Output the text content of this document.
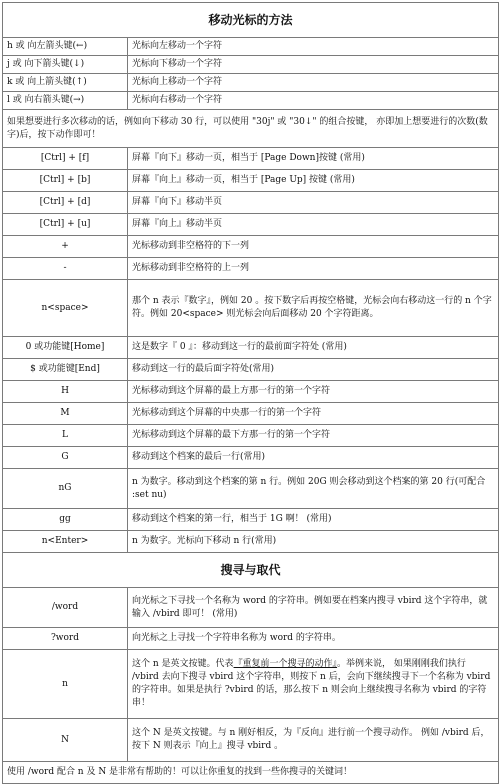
移动光标的方法	
h 或 向左箭头键(←)	光标向左移动一个字符
j 或 向下箭头键(↓)	光标向下移动一个字符
k 或 向上箭头键(↑)	光标向上移动一个字符
l 或 向右箭头键(→)	光标向右移动一个字符
如果想要进行多次移动的话，例如向下移动 30 行，可以使用 "30j" 或 "30↓" 的组合按键， 亦即加上想要进行的次数(数字)后，按下动作即可！	
[Ctrl] + [f]	屏幕『向下』移动一页，相当于 [Page Down]按键 (常用)
[Ctrl] + [b]	屏幕『向上』移动一页，相当于 [Page Up] 按键 (常用)
[Ctrl] + [d]	屏幕『向下』移动半页
[Ctrl] + [u]	屏幕『向上』移动半页
+	光标移动到非空格符的下一列
-	光标移动到非空格符的上一列
n<space>	那个 n 表示『数字』，例如 20 。按下数字后再按空格键，光标会向右移动这一行的 n 个字符。例如 20<space> 则光标会向后面移动 20 个字符距离。
0 或功能键[Home]	这是数字『 0 』：移动到这一行的最前面字符处 (常用)
$ 或功能键[End]	移动到这一行的最后面字符处(常用)
H	光标移动到这个屏幕的最上方那一行的第一个字符
M	光标移动到这个屏幕的中央那一行的第一个字符
L	光标移动到这个屏幕的最下方那一行的第一个字符
G	移动到这个档案的最后一行(常用)
nG	n 为数字。移动到这个档案的第 n 行。例如 20G 则会移动到这个档案的第 20 行(可配合 :set nu)
gg	移动到这个档案的第一行，相当于 1G 啊！ (常用)
n<Enter>	n 为数字。光标向下移动 n 行(常用)
搜寻与取代	
/word	向光标之下寻找一个名称为 word 的字符串。例如要在档案内搜寻 vbird 这个字符串，就输入 /vbird 即可！ (常用)
?word	向光标之上寻找一个字符串名称为 word 的字符串。
n	这个 n 是英文按键。代表『重复前一个搜寻的动作』。举例来说， 如果刚刚我们执行 /vbird 去向下搜寻 vbird 这个字符串，则按下 n 后，会向下继续搜寻下一个名称为 vbird 的字符串。如果是执行 ?vbird 的话，那么按下 n 则会向上继续搜寻名称为 vbird 的字符串！
N	这个 N 是英文按键。与 n 刚好相反，为『反向』进行前一个搜寻动作。 例如 /vbird 后，按下 N 则表示『向上』搜寻 vbird 。
使用 /word 配合 n 及 N 是非常有帮助的！可以让你重复的找到一些你搜寻的关键词！	
